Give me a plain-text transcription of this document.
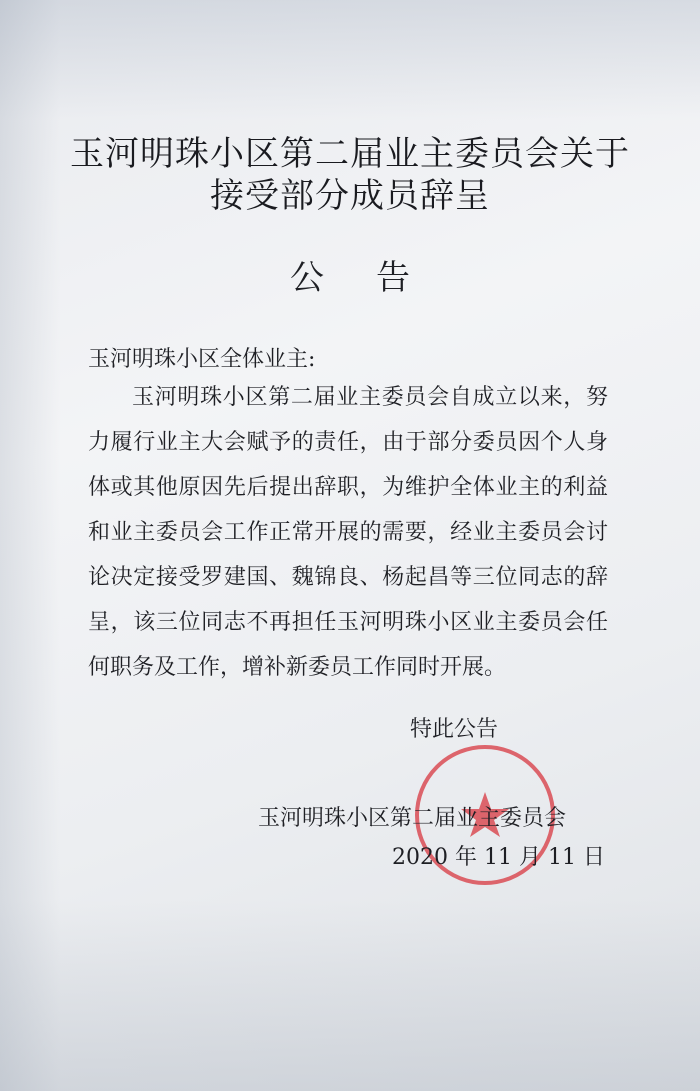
玉河明珠小区第二届业主委员会关于
接受部分成员辞呈
公 告
玉河明珠小区全体业主:

玉河明珠小区第二届业主委员会自成立以来，努力履行业主大会赋予的责任，由于部分委员因个人身体或其他原因先后提出辞职，为维护全体业主的利益和业主委员会工作正常开展的需要，经业主委员会讨论决定接受罗建国、魏锦良、杨起昌等三位同志的辞呈，该三位同志不再担任玉河明珠小区业主委员会任何职务及工作，增补新委员工作同时开展。

特此公告
玉河明珠小区第二届业主委员会
2020 年 11 月 11 日
